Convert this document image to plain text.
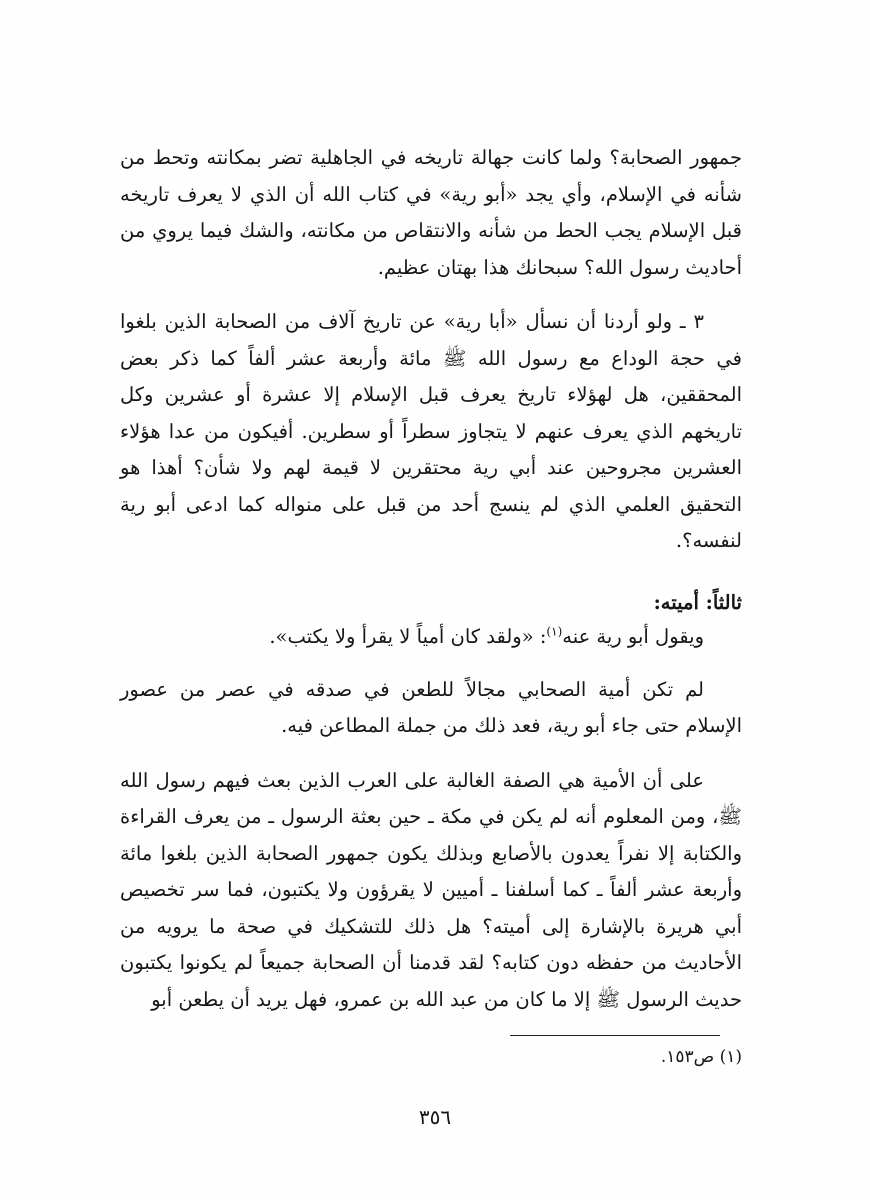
جمهور الصحابة؟ ولما كانت جهالة تاريخه في الجاهلية تضر بمكانته وتحط من شأنه في الإسلام، وأي يجد «أبو رية» في كتاب الله أن الذي لا يعرف تاريخه قبل الإسلام يجب الحط من شأنه والانتقاص من مكانته، والشك فيما يروي من أحاديث رسول الله؟ سبحانك هذا بهتان عظيم.

٣ ـ ولو أردنا أن نسأل «أبا رية» عن تاريخ آلاف من الصحابة الذين بلغوا في حجة الوداع مع رسول الله ﷺ مائة وأربعة عشر ألفاً كما ذكر بعض المحققين، هل لهؤلاء تاريخ يعرف قبل الإسلام إلا عشرة أو عشرين وكل تاريخهم الذي يعرف عنهم لا يتجاوز سطراً أو سطرين. أفيكون من عدا هؤلاء العشرين مجروحين عند أبي رية محتقرين لا قيمة لهم ولا شأن؟ أهذا هو التحقيق العلمي الذي لم ينسج أحد من قبل على منواله كما ادعى أبو رية لنفسه؟.

ثالثاً: أميته:

ويقول أبو رية عنه$^{(١)}$: «ولقد كان أمياً لا يقرأ ولا يكتب».

لم تكن أمية الصحابي مجالاً للطعن في صدقه في عصر من عصور الإسلام حتى جاء أبو رية، فعد ذلك من جملة المطاعن فيه.

على أن الأمية هي الصفة الغالبة على العرب الذين بعث فيهم رسول الله ﷺ، ومن المعلوم أنه لم يكن في مكة ـ حين بعثة الرسول ـ من يعرف القراءة والكتابة إلا نفراً يعدون بالأصابع وبذلك يكون جمهور الصحابة الذين بلغوا مائة وأربعة عشر ألفاً ـ كما أسلفنا ـ أميين لا يقرؤون ولا يكتبون، فما سر تخصيص أبي هريرة بالإشارة إلى أميته؟ هل ذلك للتشكيك في صحة ما يرويه من الأحاديث من حفظه دون كتابه؟ لقد قدمنا أن الصحابة جميعاً لم يكونوا يكتبون حديث الرسول ﷺ إلا ما كان من عبد الله بن عمرو، فهل يريد أن يطعن أبو

(١) ص١٥٣.
٣٥٦
